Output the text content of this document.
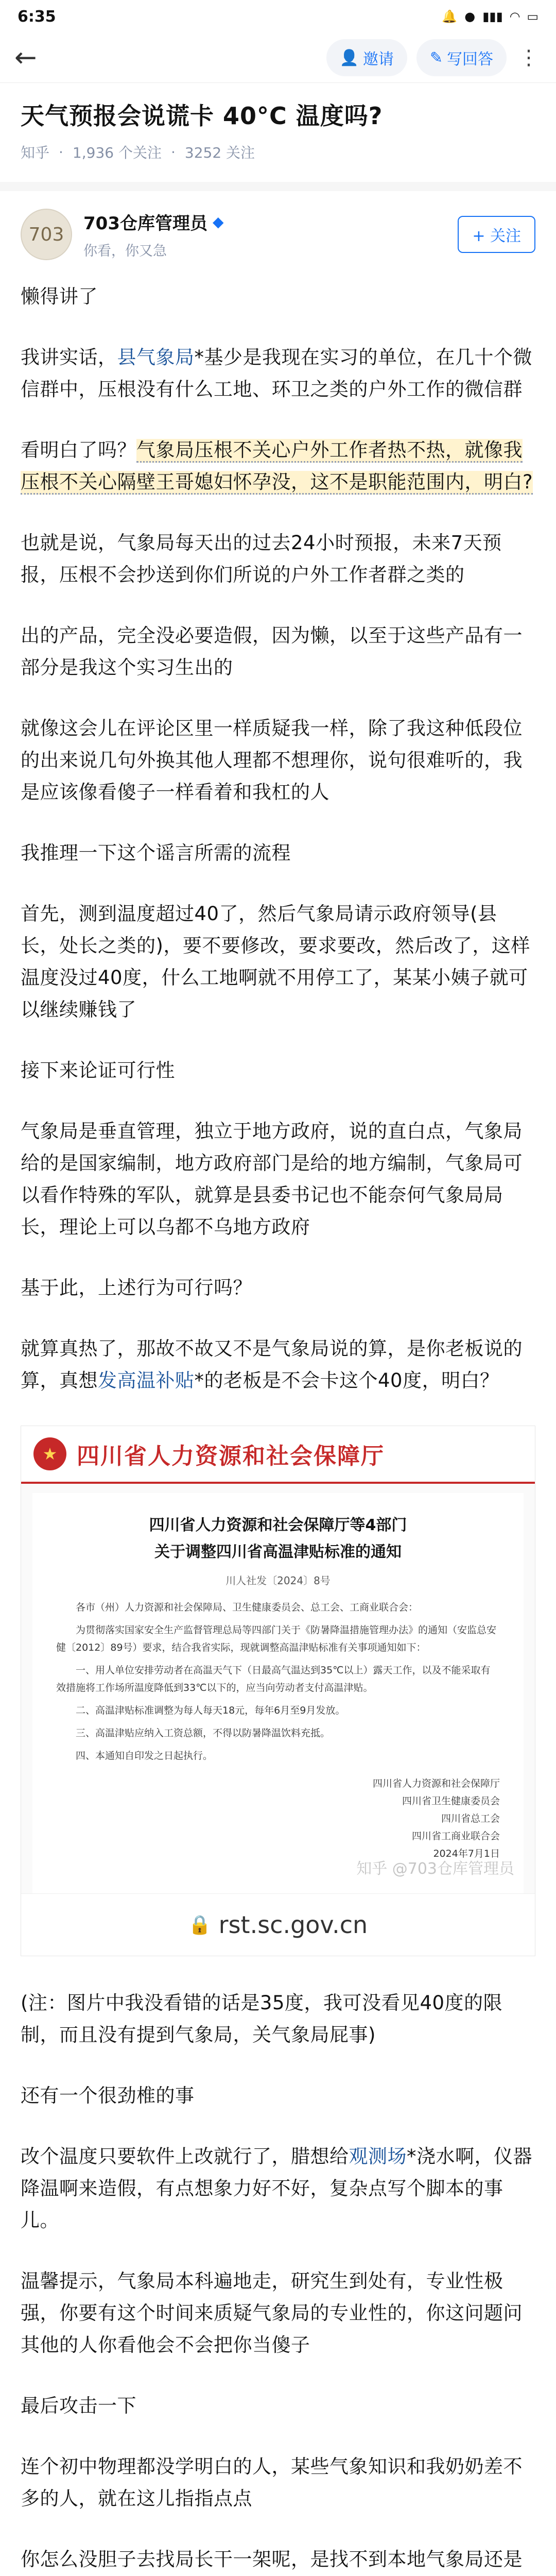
6:35	🔔 ● ▮▮▮ ◠ ▭
←	👤 邀请 ✎ 写回答 ⋮
天气预报会说谎卡 40°C 温度吗?
知乎 · 1,936 个关注 · 3252 关注
703
703仓库管理员 ◆
你看，你又急
+ 关注

懒得讲了

我讲实话，县气象局*基少是我现在实习的单位，在几十个微信群中，压根没有什么工地、环卫之类的户外工作的微信群

看明白了吗？气象局压根不关心户外工作者热不热，就像我压根不关心隔壁王哥媳妇怀孕没，这不是职能范围内，明白?

也就是说，气象局每天出的过去24小时预报，未来7天预报，压根不会抄送到你们所说的户外工作者群之类的

出的产品，完全没必要造假，因为懒，以至于这些产品有一部分是我这个实习生出的

就像这会儿在评论区里一样质疑我一样，除了我这种低段位的出来说几句外换其他人理都不想理你，说句很难听的，我是应该像看傻子一样看着和我杠的人

我推理一下这个谣言所需的流程

首先，测到温度超过40了，然后气象局请示政府领导(县长，处长之类的)，要不要修改，要求要改，然后改了，这样温度没过40度，什么工地啊就不用停工了，某某小姨子就可以继续赚钱了

接下来论证可行性

气象局是垂直管理，独立于地方政府，说的直白点，气象局给的是国家编制，地方政府部门是给的地方编制，气象局可以看作特殊的军队，就算是县委书记也不能奈何气象局局长，理论上可以乌都不乌地方政府

基于此，上述行为可行吗？

就算真热了，那故不故又不是气象局说的算，是你老板说的算，真想发高温补贴*的老板是不会卡这个40度，明白？

★ 四川省人力资源和社会保障厅
四川省人力资源和社会保障厅等4部门
关于调整四川省高温津贴标准的通知
川人社发〔2024〕8号
各市（州）人力资源和社会保障局、卫生健康委员会、总工会、工商业联合会：
为贯彻落实国家安全生产监督管理总局等四部门关于《防暑降温措施管理办法》的通知（安监总安健〔2012〕89号）要求，结合我省实际，现就调整高温津贴标准有关事项通知如下：
一、用人单位安排劳动者在高温天气下（日最高气温达到35℃以上）露天工作，以及不能采取有效措施将工作场所温度降低到33℃以下的，应当向劳动者支付高温津贴。
二、高温津贴标准调整为每人每天18元，每年6月至9月发放。
三、高温津贴应纳入工资总额，不得以防暑降温饮料充抵。
四、本通知自印发之日起执行。
四川省人力资源和社会保障厅
四川省卫生健康委员会
四川省总工会
四川省工商业联合会
2024年7月1日
知乎 @703仓库管理员
🔒 rst.sc.gov.cn

(注：图片中我没看错的话是35度，我可没看见40度的限制，而且没有提到气象局，关气象局屁事)

还有一个很劲椎的事

改个温度只要软件上改就行了，腊想给观测场*浇水啊，仪器降温啊来造假，有点想象力好不好，复杂点写个脚本的事儿。

温馨提示，气象局本科遍地走，研究生到处有，专业性极强，你要有这个时间来质疑气象局的专业性的，你这问题问其他的人你看他会不会把你当傻子

最后攻击一下

连个初中物理都没学明白的人，某些气象知识和我奶奶差不多的人，就在这儿指指点点

你怎么没胆子去找局长干一架呢，是找不到本地气象局还是
